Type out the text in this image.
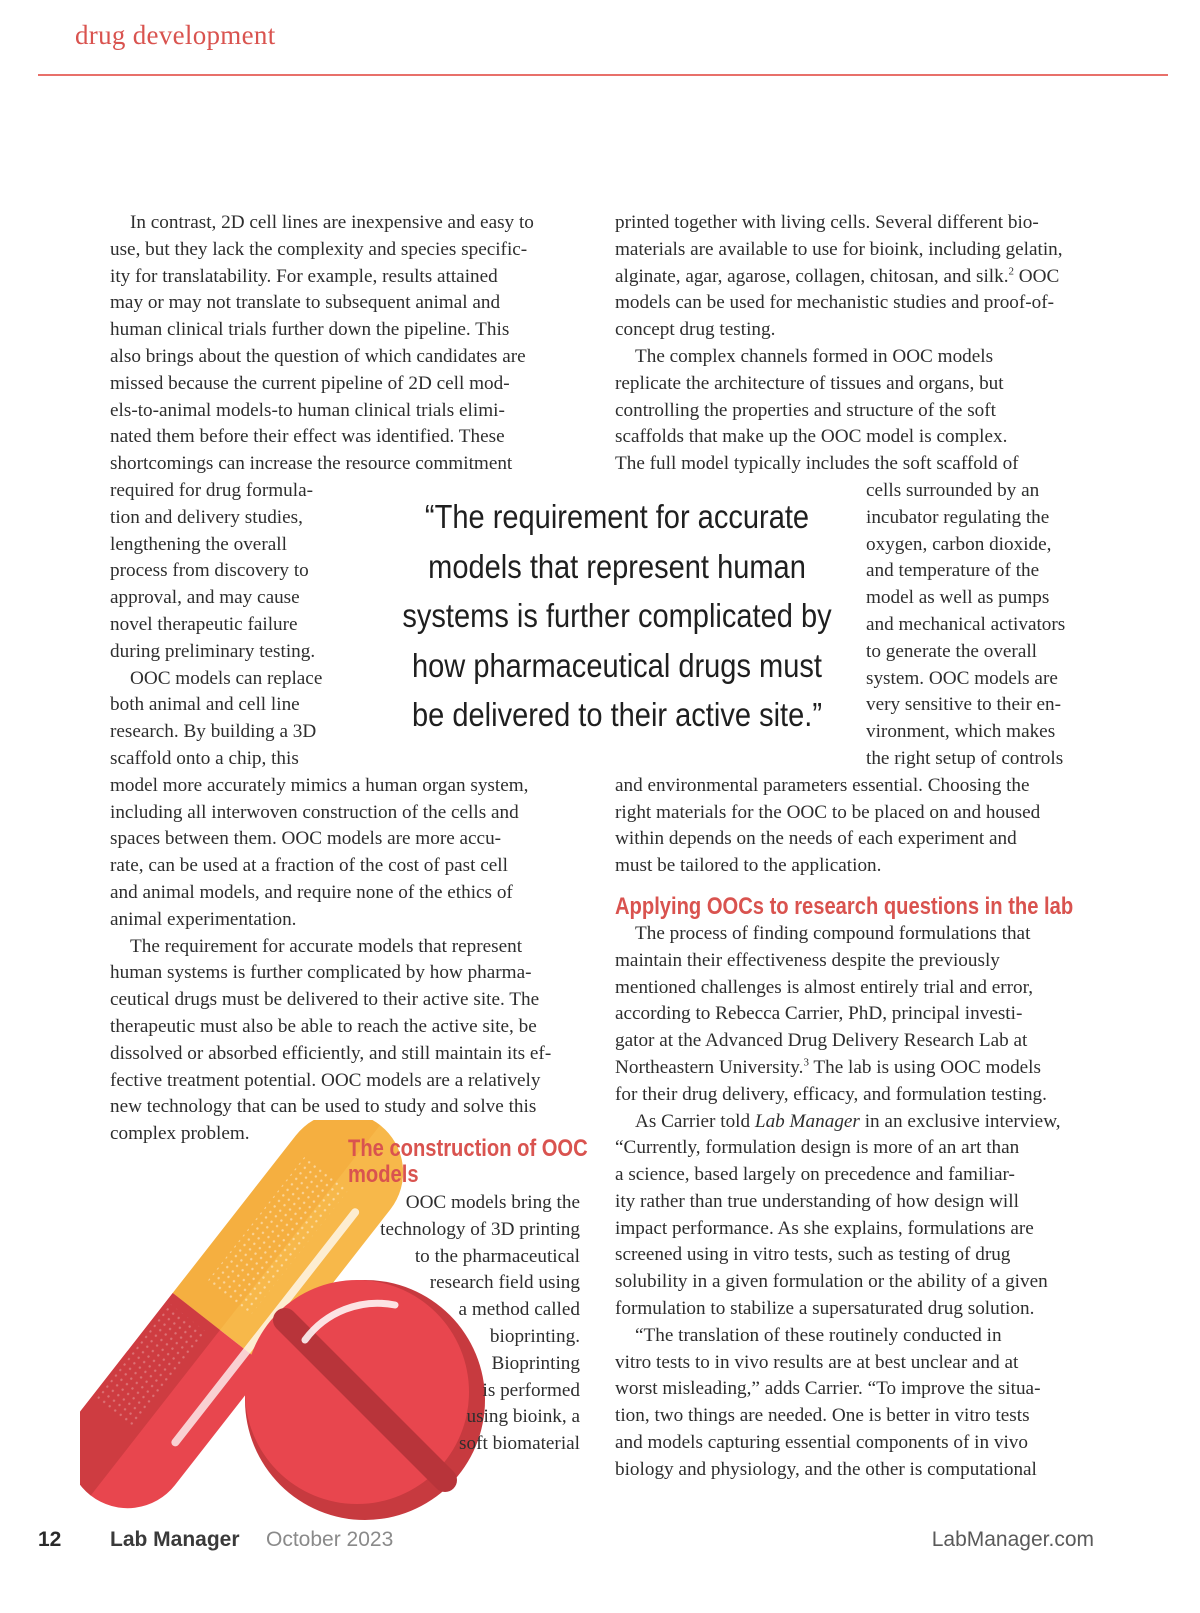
drug development
In contrast, 2D cell lines are inexpensive and easy to
use, but they lack the complexity and species specific-
ity for translatability. For example, results attained
may or may not translate to subsequent animal and
human clinical trials further down the pipeline. This
also brings about the question of which candidates are
missed because the current pipeline of 2D cell mod-
els-to-animal models-to human clinical trials elimi-
nated them before their effect was identified. These
shortcomings can increase the resource commitment
required for drug formula-
tion and delivery studies,
lengthening the overall
process from discovery to
approval, and may cause
novel therapeutic failure
during preliminary testing.
OOC models can replace
both animal and cell line
research. By building a 3D
scaffold onto a chip, this
model more accurately mimics a human organ system,
including all interwoven construction of the cells and
spaces between them. OOC models are more accu-
rate, can be used at a fraction of the cost of past cell
and animal models, and require none of the ethics of
animal experimentation.
The requirement for accurate models that represent
human systems is further complicated by how pharma-
ceutical drugs must be delivered to their active site. The
therapeutic must also be able to reach the active site, be
dissolved or absorbed efficiently, and still maintain its ef-
fective treatment potential. OOC models are a relatively
new technology that can be used to study and solve this
complex problem.
“The requirement for accurate models that represent human systems is further complicated by how pharmaceutical drugs must be delivered to their active site.”
The construction of OOC
models
OOC models bring the
technology of 3D printing
to the pharmaceutical
research field using
a method called
bioprinting.
Bioprinting
is performed
using bioink, a
soft biomaterial
printed together with living cells. Several different bio-
materials are available to use for bioink, including gelatin,
alginate, agar, agarose, collagen, chitosan, and silk.$^2$ OOC
models can be used for mechanistic studies and proof-of-
concept drug testing.
The complex channels formed in OOC models
replicate the architecture of tissues and organs, but
controlling the properties and structure of the soft
scaffolds that make up the OOC model is complex.
The full model typically includes the soft scaffold of
cells surrounded by an
incubator regulating the
oxygen, carbon dioxide,
and temperature of the
model as well as pumps
and mechanical activators
to generate the overall
system. OOC models are
very sensitive to their en-
vironment, which makes
the right setup of controls
and environmental parameters essential. Choosing the
right materials for the OOC to be placed on and housed
within depends on the needs of each experiment and
must be tailored to the application.
Applying OOCs to research questions in the lab
The process of finding compound formulations that
maintain their effectiveness despite the previously
mentioned challenges is almost entirely trial and error,
according to Rebecca Carrier, PhD, principal investi-
gator at the Advanced Drug Delivery Research Lab at
Northeastern University.$^3$ The lab is using OOC models
for their drug delivery, efficacy, and formulation testing.
As Carrier told Lab Manager in an exclusive interview,
“Currently, formulation design is more of an art than
a science, based largely on precedence and familiar-
ity rather than true understanding of how design will
impact performance. As she explains, formulations are
screened using in vitro tests, such as testing of drug
solubility in a given formulation or the ability of a given
formulation to stabilize a supersaturated drug solution.
“The translation of these routinely conducted in
vitro tests to in vivo results are at best unclear and at
worst misleading,” adds Carrier. “To improve the situa-
tion, two things are needed. One is better in vitro tests
and models capturing essential components of in vivo
biology and physiology, and the other is computational
12 Lab Manager October 2023	LabManager.com
